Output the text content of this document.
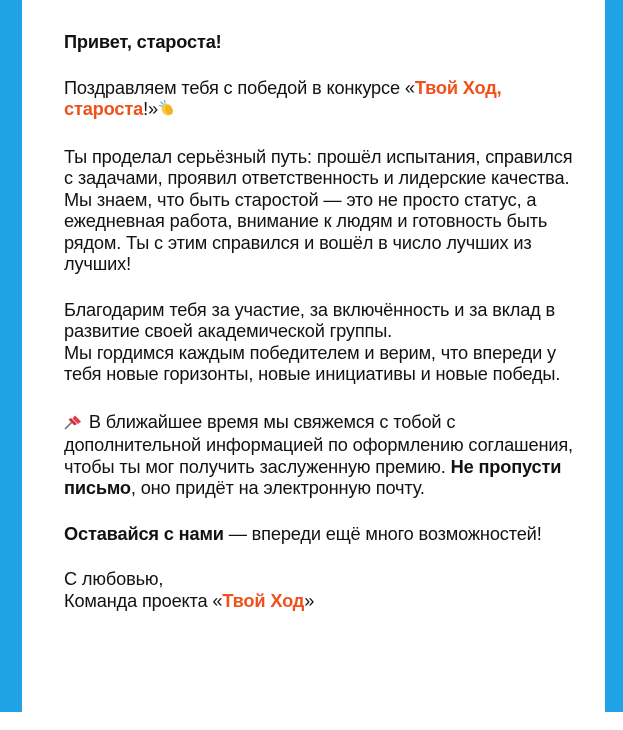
Привет, староста!

Поздравляем тебя с победой в конкурсе «Твой Ход, староста!»

Ты проделал серьёзный путь: прошёл испытания, справился с задачами, проявил ответственность и лидерские качества. Мы знаем, что быть старостой — это не просто статус, а ежедневная работа, внимание к людям и готовность быть рядом. Ты с этим справился и вошёл в число лучших из лучших!

Благодарим тебя за участие, за включённость и за вклад в развитие своей академической группы.
Мы гордимся каждым победителем и верим, что впереди у тебя новые горизонты, новые инициативы и новые победы.

В ближайшее время мы свяжемся с тобой с дополнительной информацией по оформлению соглашения, чтобы ты мог получить заслуженную премию. Не пропусти письмо, оно придёт на электронную почту.

Оставайся с нами — впереди ещё много возможностей!

С любовью,
Команда проекта «Твой Ход»
